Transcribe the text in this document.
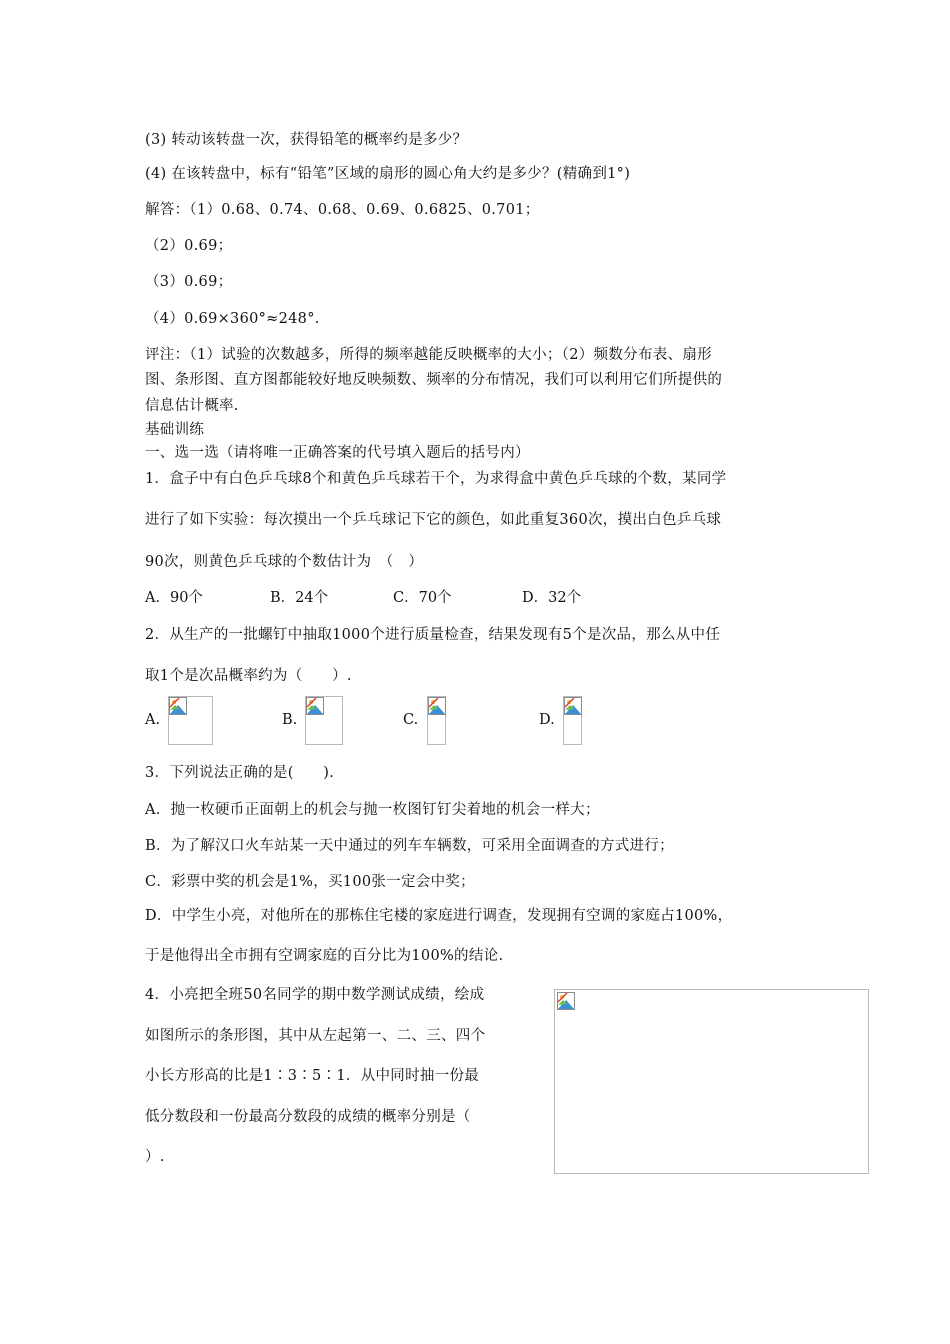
(3) 转动该转盘一次，获得铅笔的概率约是多少？
(4) 在该转盘中，标有“铅笔”区域的扇形的圆心角大约是多少？(精确到1°)
解答：（1）0.68、0.74、0.68、0.69、0.6825、0.701；
（2）0.69；
（3）0.69；
（4）0.69×360°≈248°.
评注：（1）试验的次数越多，所得的频率越能反映概率的大小；（2）频数分布表、扇形
图、条形图、直方图都能较好地反映频数、频率的分布情况，我们可以利用它们所提供的
信息估计概率.
基础训练
一、选一选（请将唯一正确答案的代号填入题后的括号内）
1．盒子中有白色乒乓球8个和黄色乒乓球若干个，为求得盒中黄色乒乓球的个数，某同学
进行了如下实验：每次摸出一个乒乓球记下它的颜色，如此重复360次，摸出白色乒乓球
90次，则黄色乒乓球的个数估计为　（　）
A．90个	B．24个	C．70个	D．32个
2．从生产的一批螺钉中抽取1000个进行质量检查，结果发现有5个是次品，那么从中任
取1个是次品概率约为（　　）.
A.	B.	C.	D.
3．下列说法正确的是(　　).
A．抛一枚硬币正面朝上的机会与抛一枚图钉钉尖着地的机会一样大；
B．为了解汉口火车站某一天中通过的列车车辆数，可采用全面调查的方式进行；
C．彩票中奖的机会是1%，买100张一定会中奖；
D．中学生小亮，对他所在的那栋住宅楼的家庭进行调查，发现拥有空调的家庭占100%，
于是他得出全市拥有空调家庭的百分比为100%的结论.
4．小亮把全班50名同学的期中数学测试成绩，绘成
如图所示的条形图，其中从左起第一、二、三、四个
小长方形高的比是1∶3∶5∶1．从中同时抽一份最
低分数段和一份最高分数段的成绩的概率分别是（
）.
